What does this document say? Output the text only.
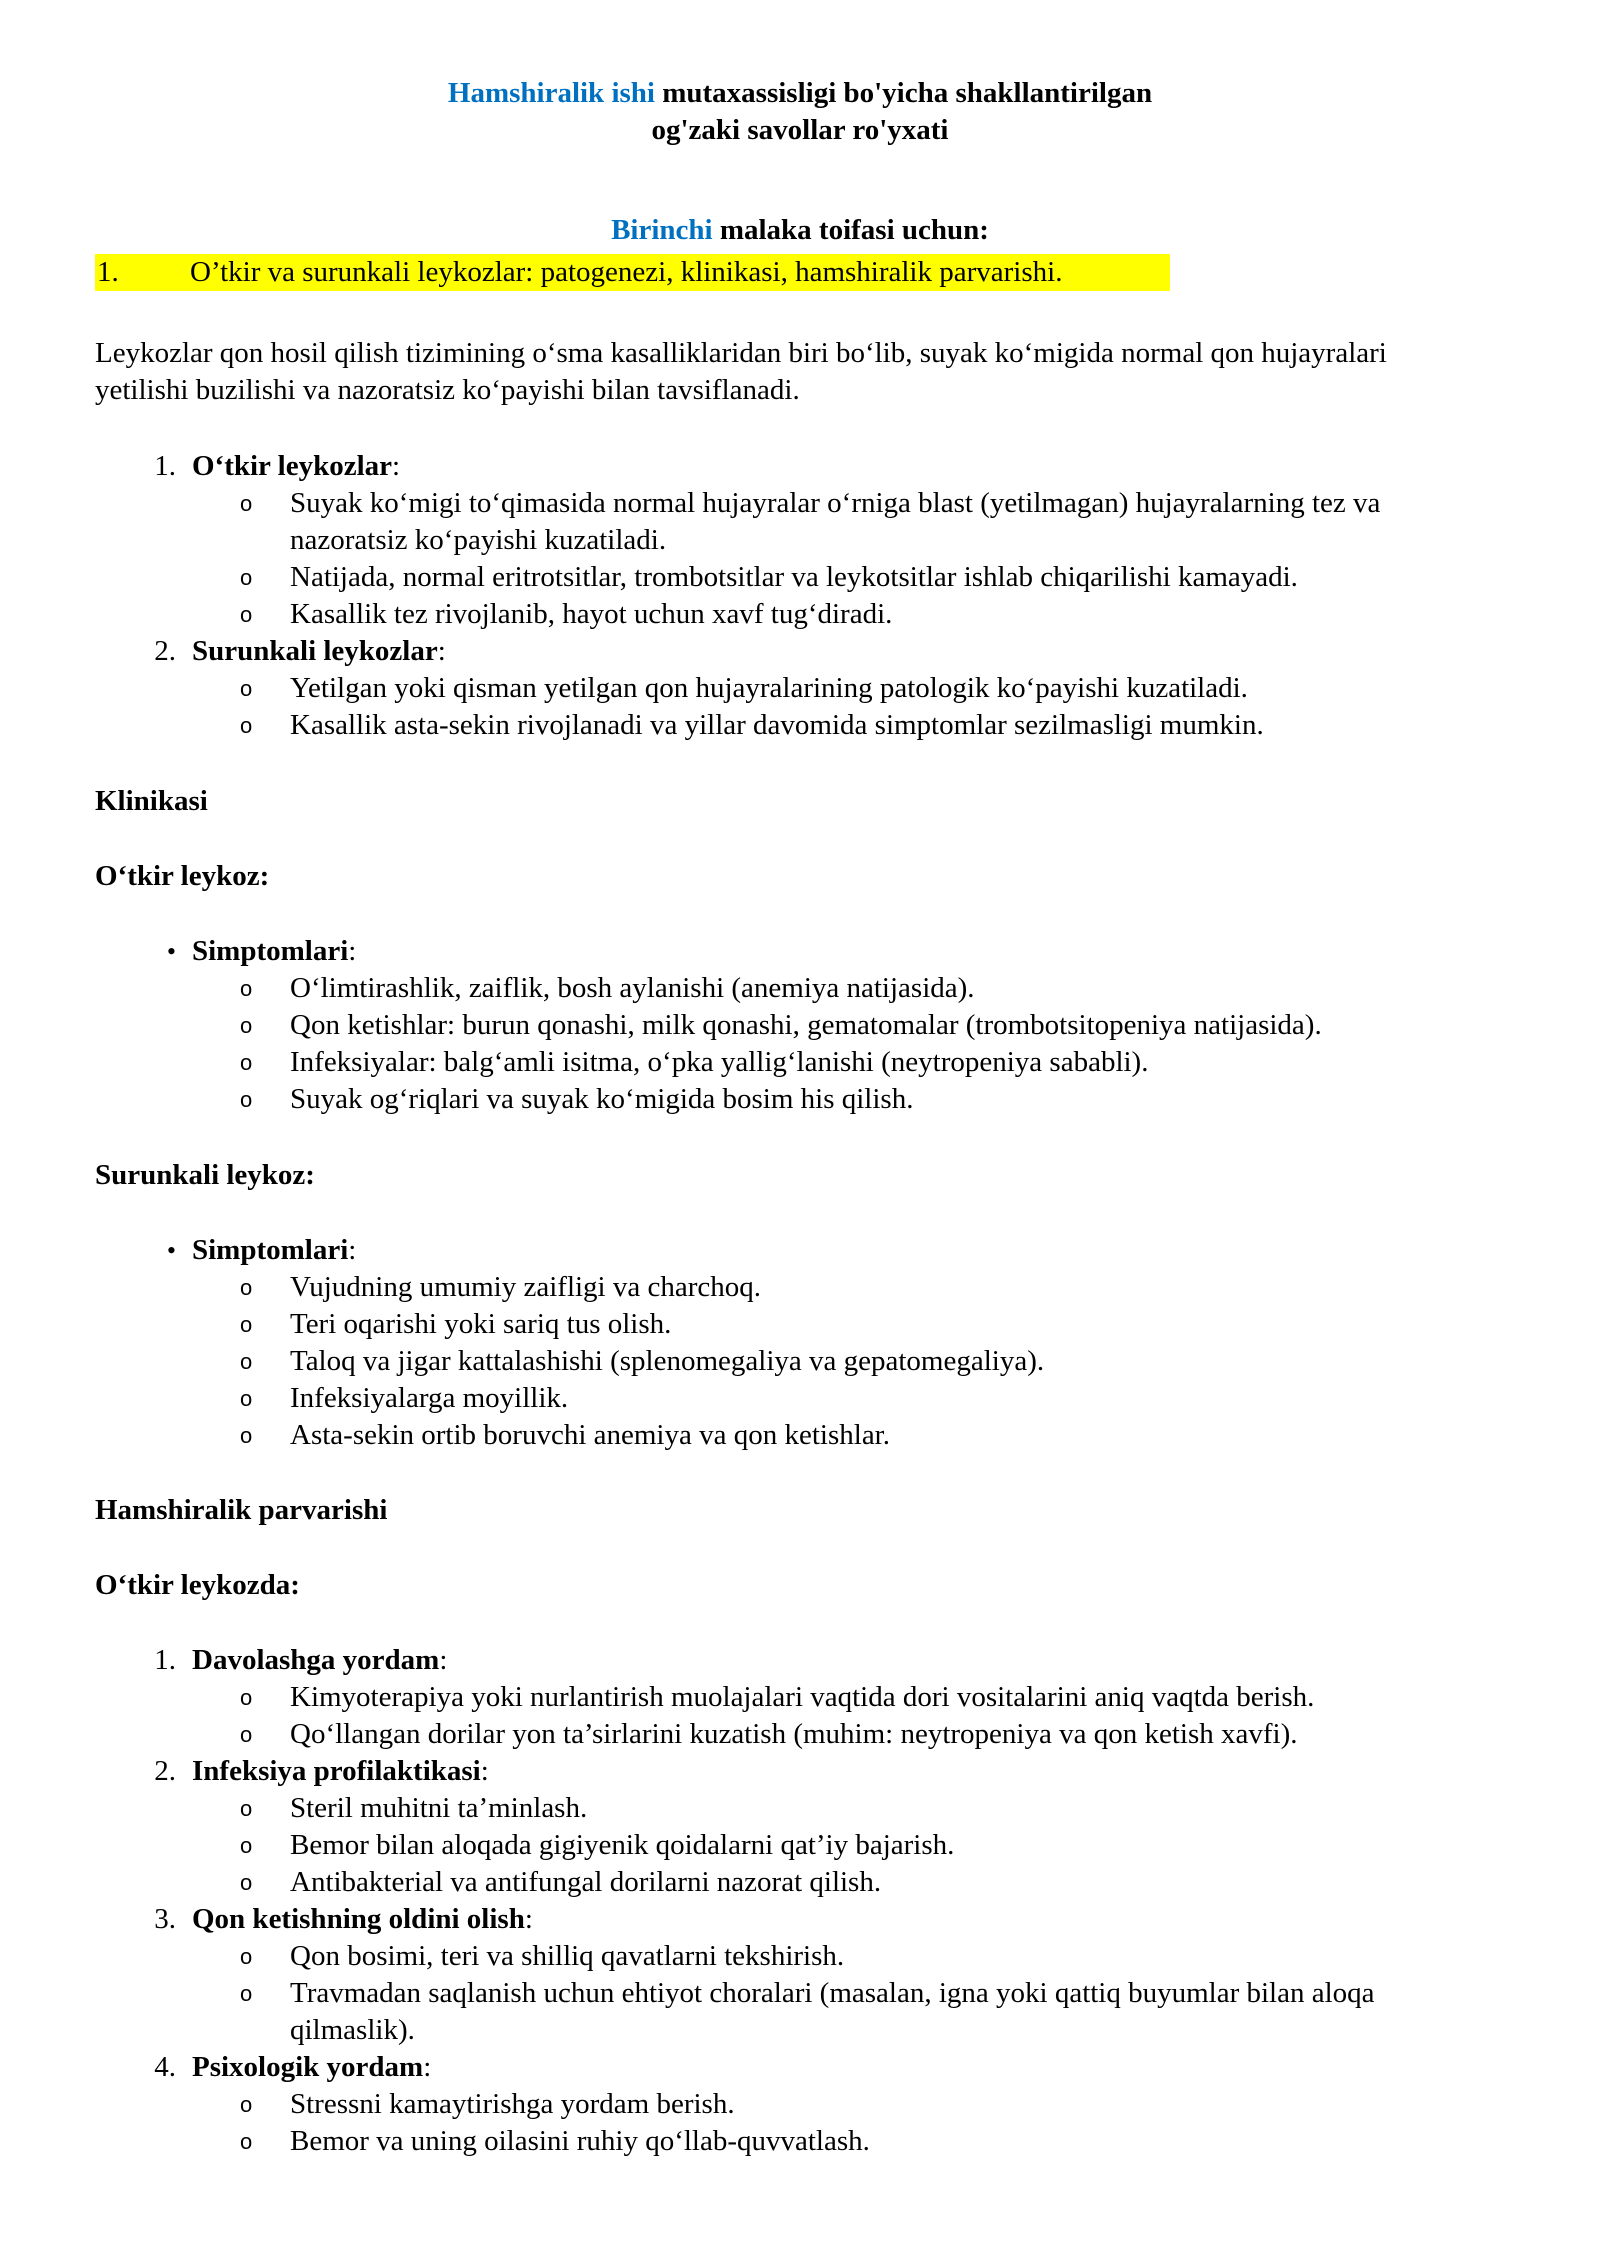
Hamshiralik ishi mutaxassisligi bo'yicha shakllantirilgan
og'zaki savollar ro'yxati
Birinchi malaka toifasi uchun:
1. O’tkir va surunkali leykozlar: patogenezi, klinikasi, hamshiralik parvarishi.
Leykozlar qon hosil qilish tizimining o‘sma kasalliklaridan biri bo‘lib, suyak ko‘migida normal qon hujayralari yetilishi buzilishi va nazoratsiz ko‘payishi bilan tavsiflanadi.
1. O‘tkir leykozlar:
o Suyak ko‘migi to‘qimasida normal hujayralar o‘rniga blast (yetilmagan) hujayralarning tez va nazoratsiz ko‘payishi kuzatiladi.
o Natijada, normal eritrotsitlar, trombotsitlar va leykotsitlar ishlab chiqarilishi kamayadi.
o Kasallik tez rivojlanib, hayot uchun xavf tug‘diradi.
2. Surunkali leykozlar:
o Yetilgan yoki qisman yetilgan qon hujayralarining patologik ko‘payishi kuzatiladi.
o Kasallik asta-sekin rivojlanadi va yillar davomida simptomlar sezilmasligi mumkin.
Klinikasi
O‘tkir leykoz:
• Simptomlari:
o O‘limtirashlik, zaiflik, bosh aylanishi (anemiya natijasida).
o Qon ketishlar: burun qonashi, milk qonashi, gematomalar (trombotsitopeniya natijasida).
o Infeksiyalar: balg‘amli isitma, o‘pka yallig‘lanishi (neytropeniya sababli).
o Suyak og‘riqlari va suyak ko‘migida bosim his qilish.
Surunkali leykoz:
• Simptomlari:
o Vujudning umumiy zaifligi va charchoq.
o Teri oqarishi yoki sariq tus olish.
o Taloq va jigar kattalashishi (splenomegaliya va gepatomegaliya).
o Infeksiyalarga moyillik.
o Asta-sekin ortib boruvchi anemiya va qon ketishlar.
Hamshiralik parvarishi
O‘tkir leykozda:
1. Davolashga yordam:
o Kimyoterapiya yoki nurlantirish muolajalari vaqtida dori vositalarini aniq vaqtda berish.
o Qo‘llangan dorilar yon ta’sirlarini kuzatish (muhim: neytropeniya va qon ketish xavfi).
2. Infeksiya profilaktikasi:
o Steril muhitni ta’minlash.
o Bemor bilan aloqada gigiyenik qoidalarni qat’iy bajarish.
o Antibakterial va antifungal dorilarni nazorat qilish.
3. Qon ketishning oldini olish:
o Qon bosimi, teri va shilliq qavatlarni tekshirish.
o Travmadan saqlanish uchun ehtiyot choralari (masalan, igna yoki qattiq buyumlar bilan aloqa qilmaslik).
4. Psixologik yordam:
o Stressni kamaytirishga yordam berish.
o Bemor va uning oilasini ruhiy qo‘llab-quvvatlash.
